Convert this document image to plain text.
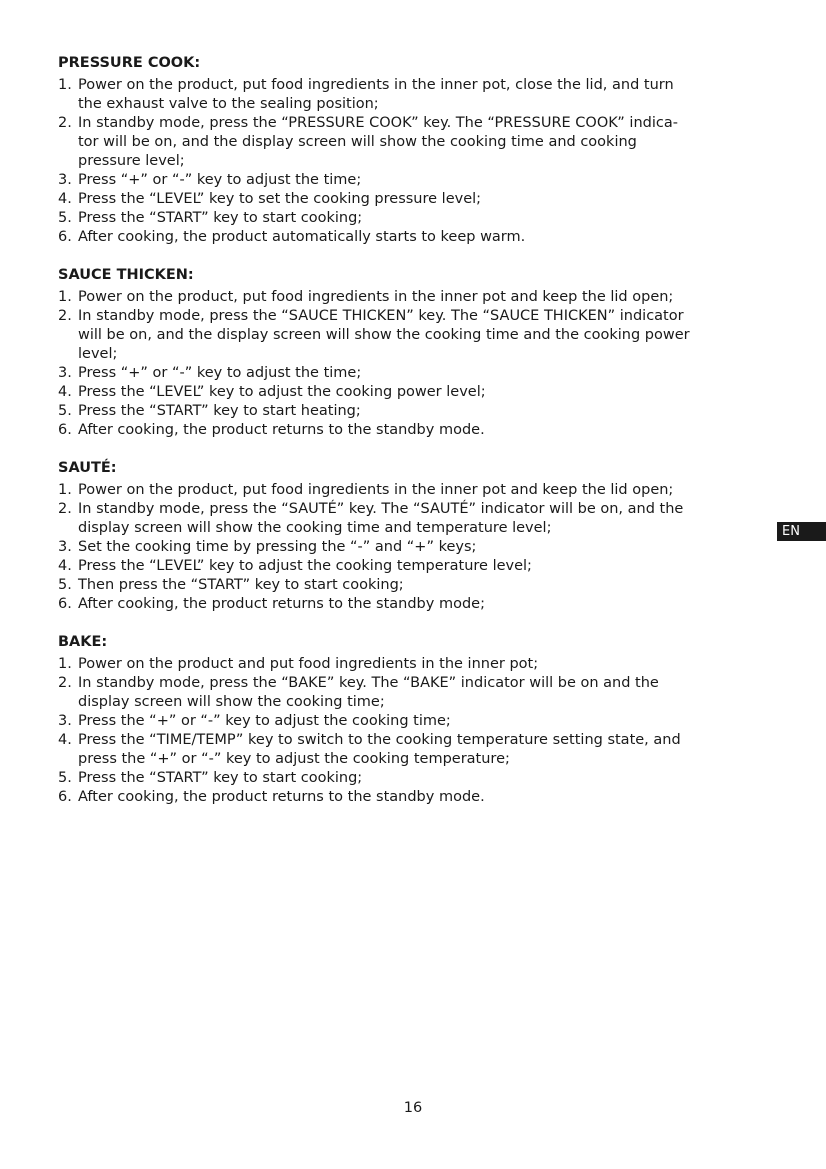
PRESSURE COOK:
1. Power on the product, put food ingredients in the inner pot, close the lid, and turn
the exhaust valve to the sealing position;
2. In standby mode, press the “PRESSURE COOK” key. The “PRESSURE COOK” indica-
tor will be on, and the display screen will show the cooking time and cooking
pressure level;
3. Press “+” or “-” key to adjust the time;
4. Press the “LEVEL” key to set the cooking pressure level;
5. Press the “START” key to start cooking;
6. After cooking, the product automatically starts to keep warm.
SAUCE THICKEN:
1. Power on the product, put food ingredients in the inner pot and keep the lid open;
2. In standby mode, press the “SAUCE THICKEN” key. The “SAUCE THICKEN” indicator
will be on, and the display screen will show the cooking time and the cooking power
level;
3. Press “+” or “-” key to adjust the time;
4. Press the “LEVEL” key to adjust the cooking power level;
5. Press the “START” key to start heating;
6. After cooking, the product returns to the standby mode.
SAUTÉ:
1. Power on the product, put food ingredients in the inner pot and keep the lid open;
2. In standby mode, press the “SAUTÉ” key. The “SAUTÉ” indicator will be on, and the
display screen will show the cooking time and temperature level;
3. Set the cooking time by pressing the “-” and “+” keys;
4. Press the “LEVEL” key to adjust the cooking temperature level;
5. Then press the “START” key to start cooking;
6. After cooking, the product returns to the standby mode;
BAKE:
1. Power on the product and put food ingredients in the inner pot;
2. In standby mode, press the “BAKE” key. The “BAKE” indicator will be on and the
display screen will show the cooking time;
3. Press the “+” or “-” key to adjust the cooking time;
4. Press the “TIME/TEMP” key to switch to the cooking temperature setting state, and
press the “+” or “-” key to adjust the cooking temperature;
5. Press the “START” key to start cooking;
6. After cooking, the product returns to the standby mode.
EN
16
